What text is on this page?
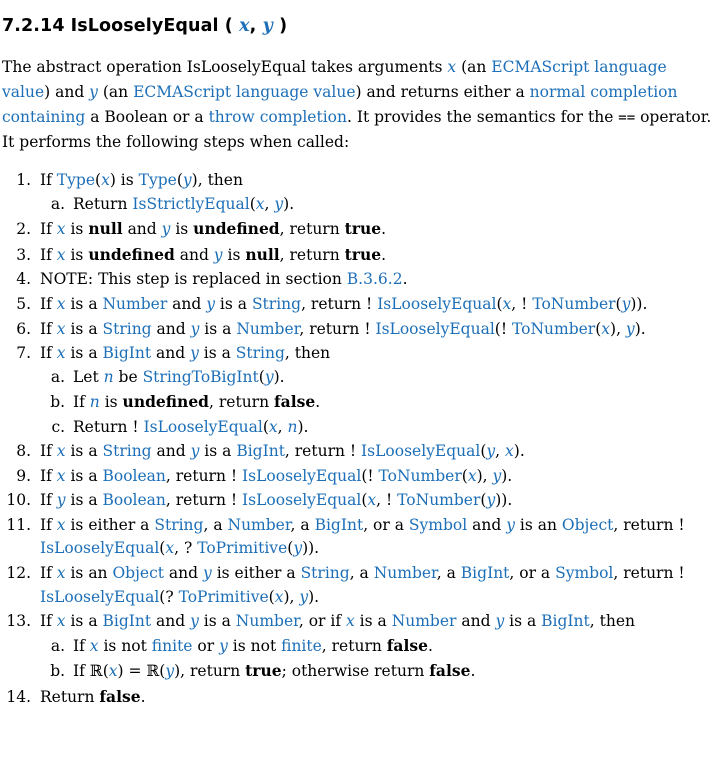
7.2.14 IsLooselyEqual ( x, y )

The abstract operation IsLooselyEqual takes arguments x (an ECMAScript language value) and y (an ECMAScript language value) and returns either a normal completion containing a Boolean or a throw completion. It provides the semantics for the == operator. It performs the following steps when called:

1. If Type(x) is Type(y), then
a. Return IsStrictlyEqual(x, y).
2. If x is null and y is undefined, return true.
3. If x is undefined and y is null, return true.
4. NOTE: This step is replaced in section B.3.6.2.
5. If x is a Number and y is a String, return ! IsLooselyEqual(x, ! ToNumber(y)).
6. If x is a String and y is a Number, return ! IsLooselyEqual(! ToNumber(x), y).
7. If x is a BigInt and y is a String, then
a. Let n be StringToBigInt(y).
b. If n is undefined, return false.
c. Return ! IsLooselyEqual(x, n).
8. If x is a String and y is a BigInt, return ! IsLooselyEqual(y, x).
9. If x is a Boolean, return ! IsLooselyEqual(! ToNumber(x), y).
10. If y is a Boolean, return ! IsLooselyEqual(x, ! ToNumber(y)).
11. If x is either a String, a Number, a BigInt, or a Symbol and y is an Object, return ! IsLooselyEqual(x, ? ToPrimitive(y)).
12. If x is an Object and y is either a String, a Number, a BigInt, or a Symbol, return ! IsLooselyEqual(? ToPrimitive(x), y).
13. If x is a BigInt and y is a Number, or if x is a Number and y is a BigInt, then
a. If x is not finite or y is not finite, return false.
b. If ℝ(x) = ℝ(y), return true; otherwise return false.
14. Return false.
